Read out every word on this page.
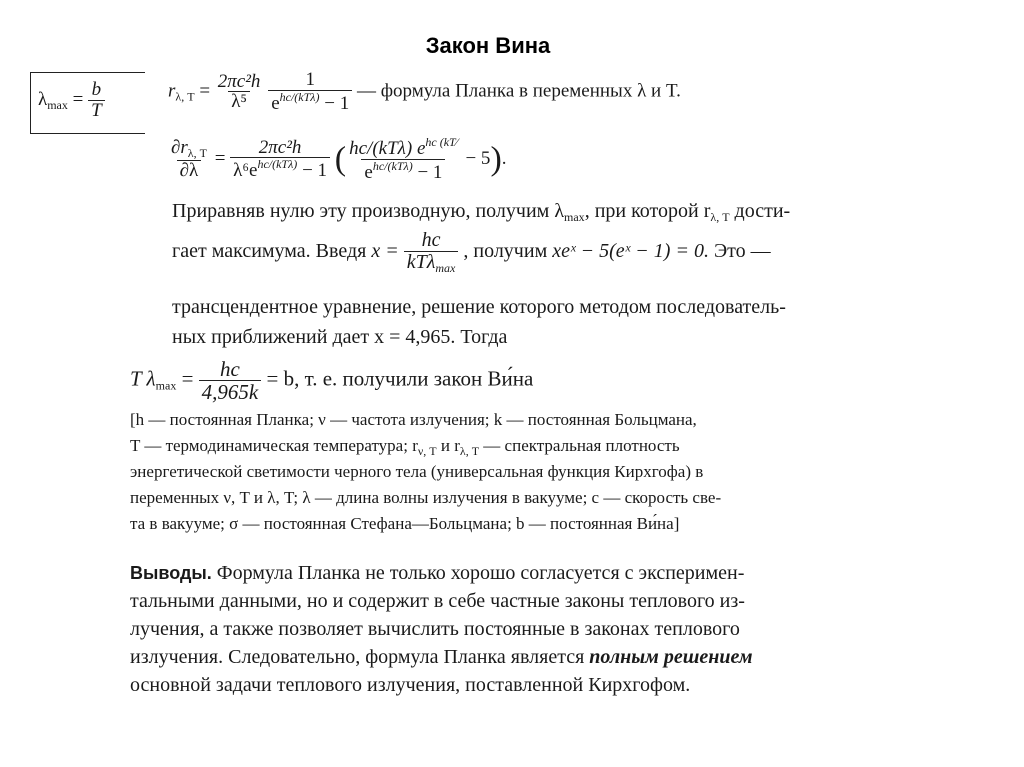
Закон Вина
$\lambda_{max} = \frac{b}{T}$	$r_{\lambda, T} = \frac{\text{2πc²h}}{\text{λ⁵}}$
$\frac{1}{e^{hc/(kT\lambda)} - 1}$ — формула Планка в переменных λ и T.
$\frac{\partial r_{\lambda, T}}{\partial\lambda} = \frac{\text{2πc²h}}{\lambda^6e^{hc/(kT\lambda)} - 1}$ ( $\frac{hc/(kT\lambda) e^{hc (kT⁄}}{e^{hc/(kT\lambda)} - 1} - 5$).
Приравняв нулю эту производную, получим $\lambda_{max}$, при которой $r_{\lambda, T}$ дости-
гает максимума. Введя $x = \frac{hc}{kT\lambda_{max}}$ , получим xeˣ − 5(eˣ − 1) = 0. Это —
трансцендентное уравнение, решение которого методом последователь-
ных приближений дает x = 4,965. Тогда
T $\lambda_{max} = \frac{hc}{4,965k} = b$, т. е. получили закон Ви́на
[h — постоянная Планка; ν — частота излучения; k — постоянная Больцмана,
T — термодинамическая температура; $r_{\nu, T}$ и $r_{\lambda, T}$ — спектральная плотность
энергетической светимости черного тела (универсальная функция Кирхгофа) в
переменных ν, T и λ, T; λ — длина волны излучения в вакууме; c — скорость све-
та в вакууме; σ — постоянная Стефана—Больцмана; b — постоянная Ви́на]
Выводы. Формула Планка не только хорошо согласуется с эксперимен-
тальными данными, но и содержит в себе частные законы теплового из-
лучения, а также позволяет вычислить постоянные в законах теплового
излучения. Следовательно, формула Планка является полным решением
основной задачи теплового излучения, поставленной Кирхгофом.
